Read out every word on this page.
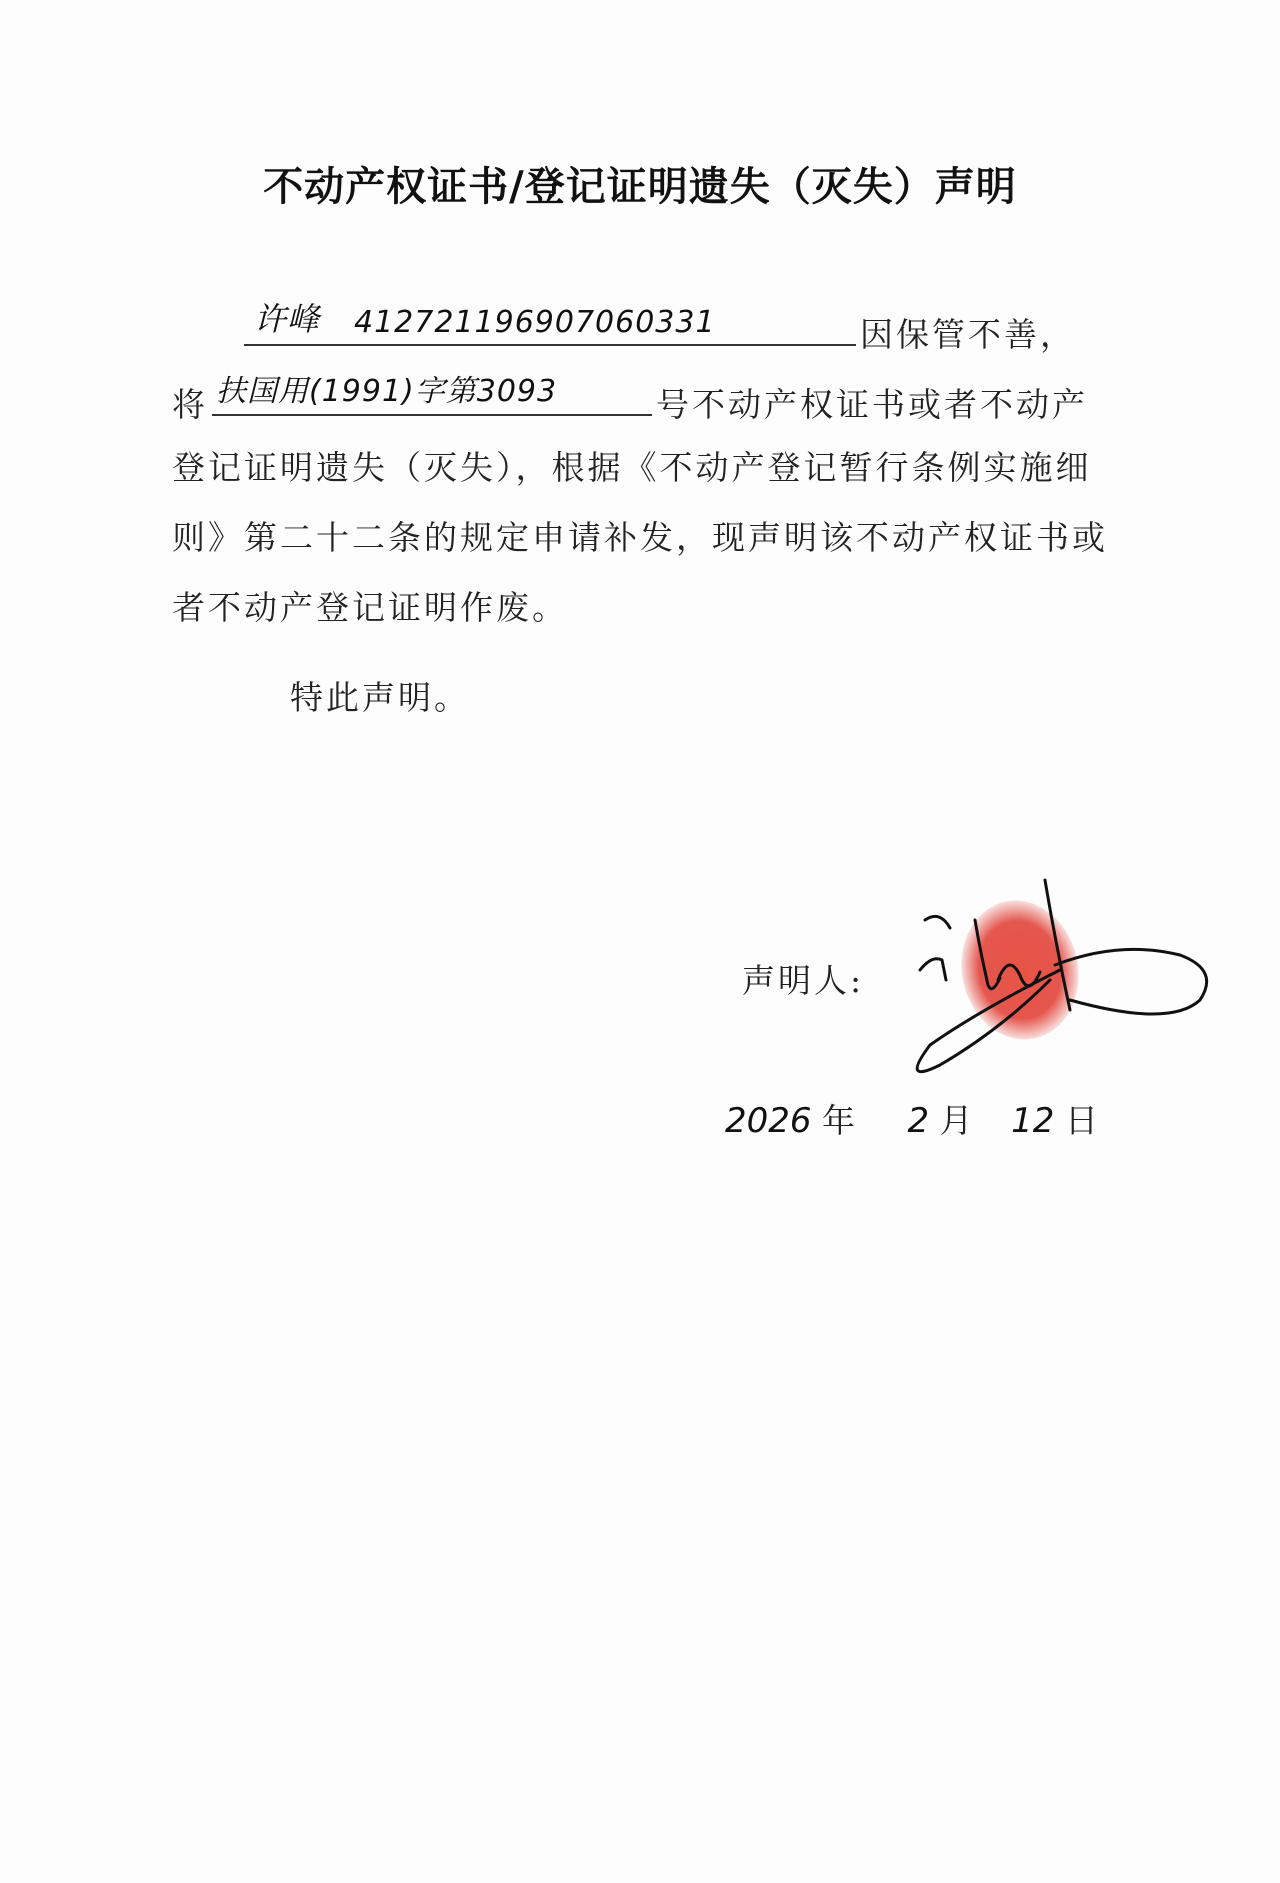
不动产权证书/登记证明遗失（灭失）声明
许峰 412721196907060331	因保管不善，
将 扶国用(1991)字第3093	号不动产权证书或者不动产
登记证明遗失（灭失），根据《不动产登记暂行条例实施细
则》第二十二条的规定申请补发，现声明该不动产权证书或
者不动产登记证明作废。
特此声明。
声明人:
2026 年 2 月 12 日
